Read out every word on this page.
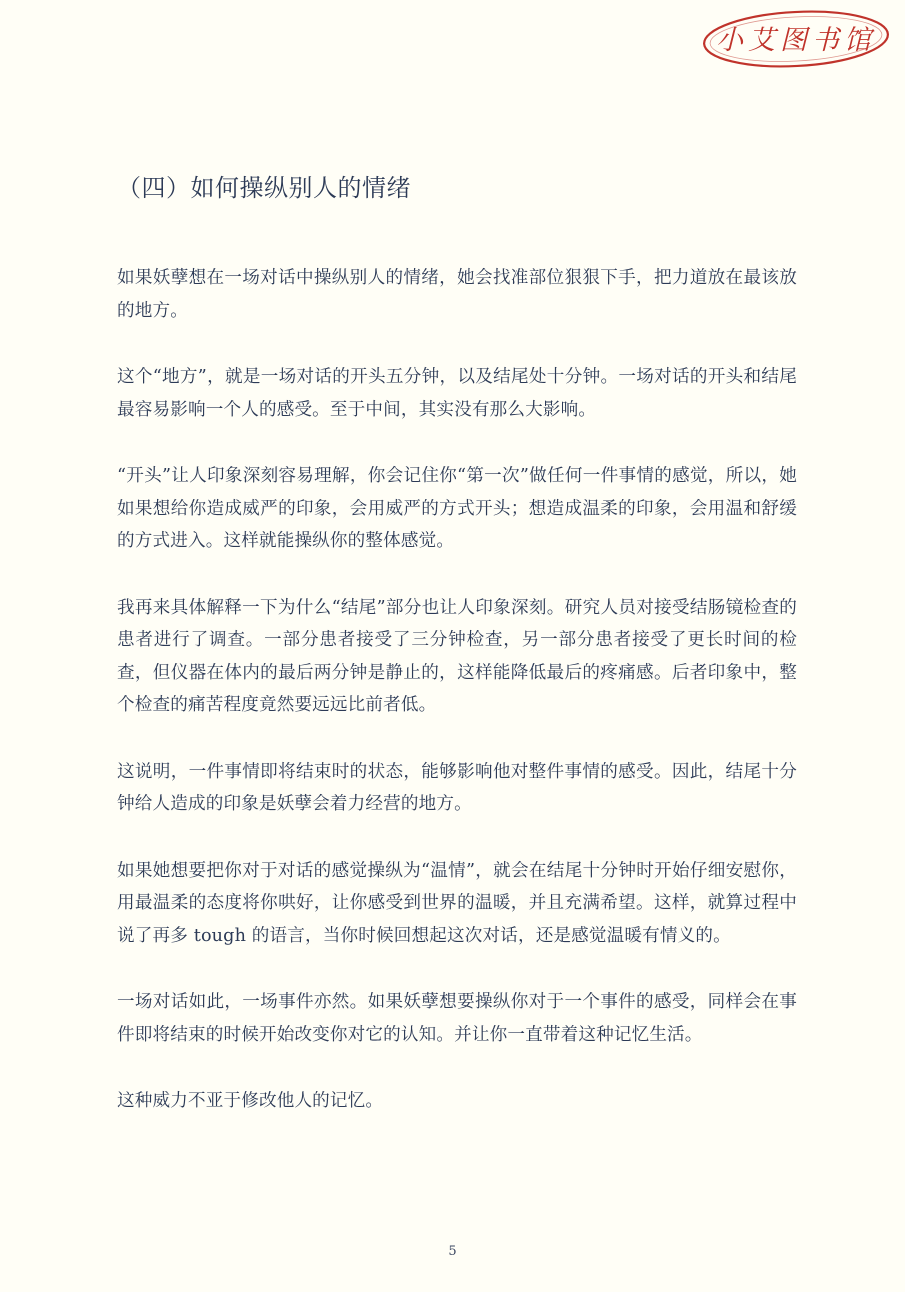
小艾图书馆
（四）如何操纵别人的情绪

如果妖孽想在一场对话中操纵别人的情绪，她会找准部位狠狠下手，把力道放在最该放的地方。

这个“地方”，就是一场对话的开头五分钟，以及结尾处十分钟。一场对话的开头和结尾最容易影响一个人的感受。至于中间，其实没有那么大影响。

“开头”让人印象深刻容易理解，你会记住你“第一次”做任何一件事情的感觉，所以，她如果想给你造成威严的印象，会用威严的方式开头；想造成温柔的印象，会用温和舒缓的方式进入。这样就能操纵你的整体感觉。

我再来具体解释一下为什么“结尾”部分也让人印象深刻。研究人员对接受结肠镜检查的患者进行了调查。一部分患者接受了三分钟检查，另一部分患者接受了更长时间的检查，但仪器在体内的最后两分钟是静止的，这样能降低最后的疼痛感。后者印象中，整个检查的痛苦程度竟然要远远比前者低。

这说明，一件事情即将结束时的状态，能够影响他对整件事情的感受。因此，结尾十分钟给人造成的印象是妖孽会着力经营的地方。

如果她想要把你对于对话的感觉操纵为“温情”，就会在结尾十分钟时开始仔细安慰你，用最温柔的态度将你哄好，让你感受到世界的温暖，并且充满希望。这样，就算过程中说了再多 tough 的语言，当你时候回想起这次对话，还是感觉温暖有情义的。

一场对话如此，一场事件亦然。如果妖孽想要操纵你对于一个事件的感受，同样会在事件即将结束的时候开始改变你对它的认知。并让你一直带着这种记忆生活。

这种威力不亚于修改他人的记忆。

5
